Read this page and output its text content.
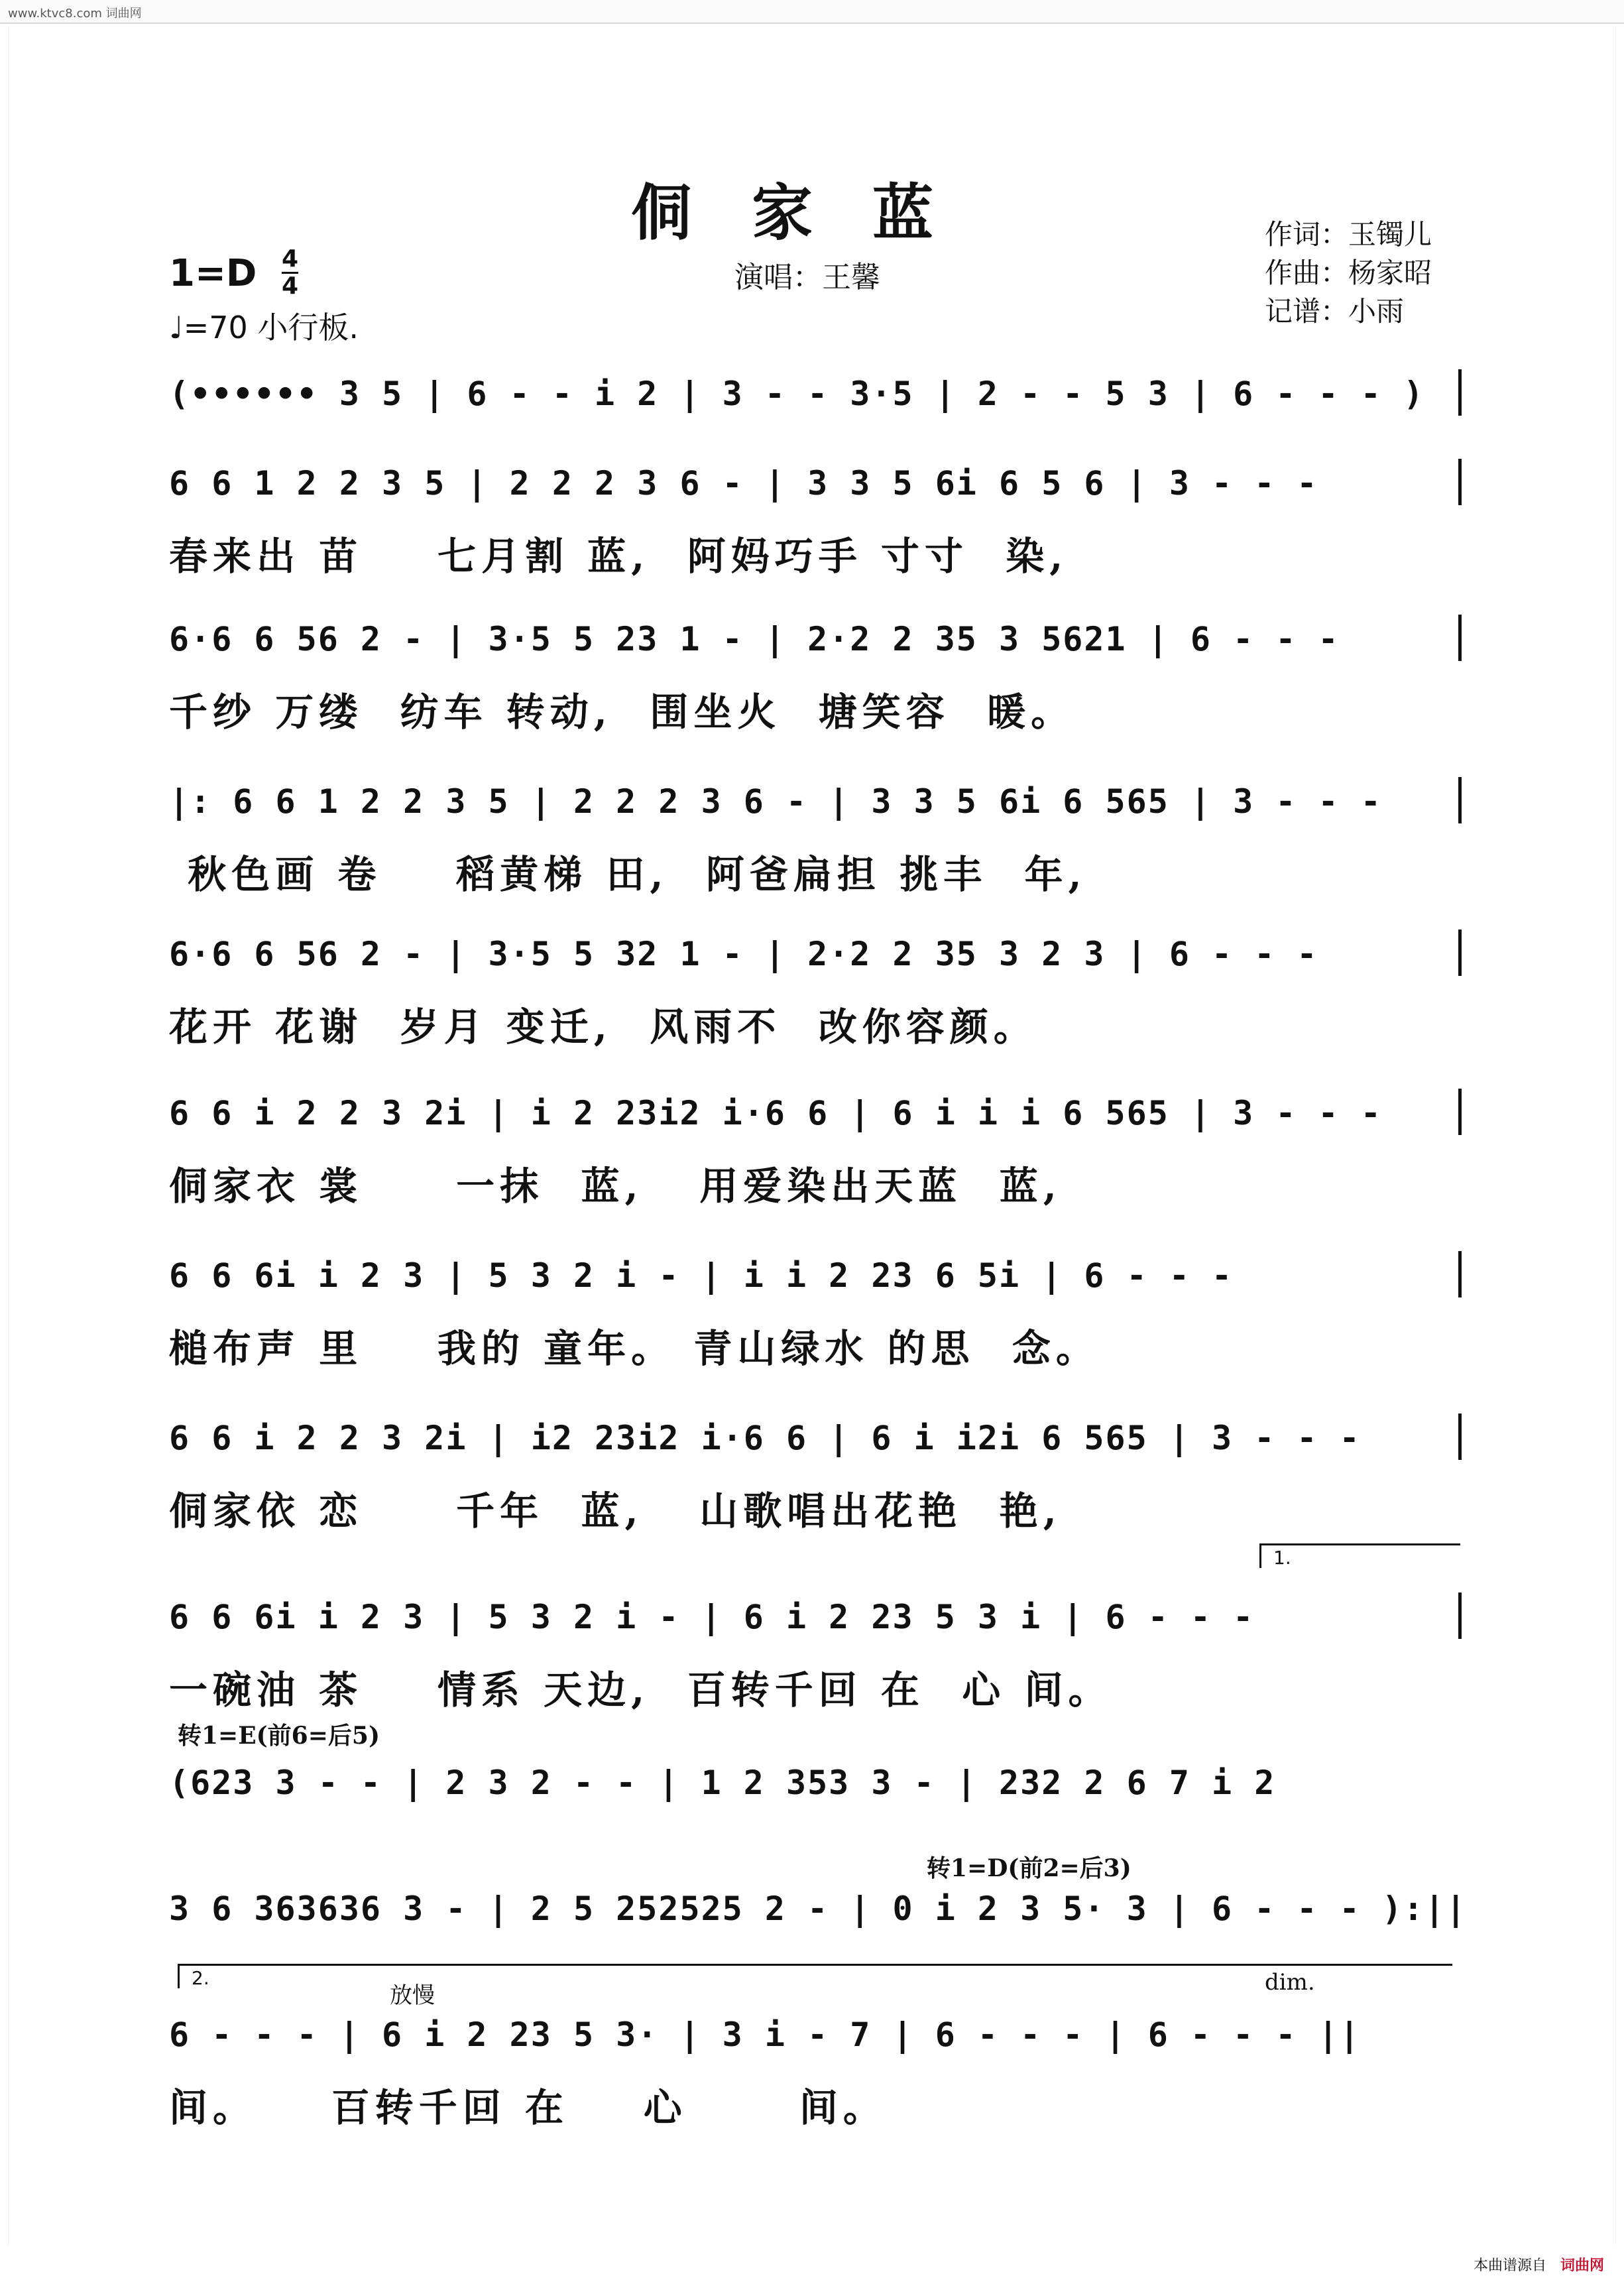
www.ktvc8.com 词曲网
侗家蓝
$1=D \frac{4}{4}$
♩=70 小行板.
演唱：王馨
作词：玉镯儿
作曲：杨家昭
记谱：小雨
(•••••• 3 5 | 6 - - i 2 | 3 - - 3·5 | 2 - - 5 3 | 6 - - - )
6 6 1 2 2 3 5 | 2 2 2 3 6 - | 3 3 5 6i 6 5 6 | 3 - - -
春来出 苗    七月割 蓝,  阿妈巧手 寸寸  染,
6·6 6 56 2 - | 3·5 5 23 1 - | 2·2 2 35 3 5621 | 6 - - -
千纱 万缕  纺车 转动,  围坐火  塘笑容  暖。
|: 6 6 1 2 2 3 5 | 2 2 2 3 6 - | 3 3 5 6i 6 565 | 3 - - -
秋色画 卷    稻黄梯 田,  阿爸扁担 挑丰  年,
6·6 6 56 2 - | 3·5 5 32 1 - | 2·2 2 35 3 2 3 | 6 - - -
花开 花谢  岁月 变迁,  风雨不  改你容颜。
6 6 i 2 2 3 2i | i 2 23i2 i·6 6 | 6 i i i 6 565 | 3 - - -
侗家衣 裳     一抹  蓝,   用爱染出天蓝  蓝,
6 6 6i i 2 3 | 5 3 2 i - | i i 2 23 6 5i | 6 - - -
槌布声 里    我的 童年。 青山绿水 的思  念。
6 6 i 2 2 3 2i | i2 23i2 i·6 6 | 6 i i2i 6 565 | 3 - - -
侗家依 恋     千年  蓝,   山歌唱出花艳  艳,
1.
6 6 6i i 2 3 | 5 3 2 i - | 6 i 2 23 5 3 i | 6 - - -
一碗油 茶    情系 天边,  百转千回 在  心 间。
转1=E(前6=后5)
(623 3 - - | 2 3 2 - - | 1 2 353 3 - | 232 2 6 7 i 2
转1=D(前2=后3)
3 6 363636 3 - | 2 5 252525 2 - | 0 i 2 3 5· 3 | 6 - - - ):||
2.
放慢	dim.
6 - - - | 6 i 2 23 5 3· | 3 i - 7 | 6 - - - | 6 - - - ||
间。    百转千回 在    心      间。
本曲谱源自 词曲网
